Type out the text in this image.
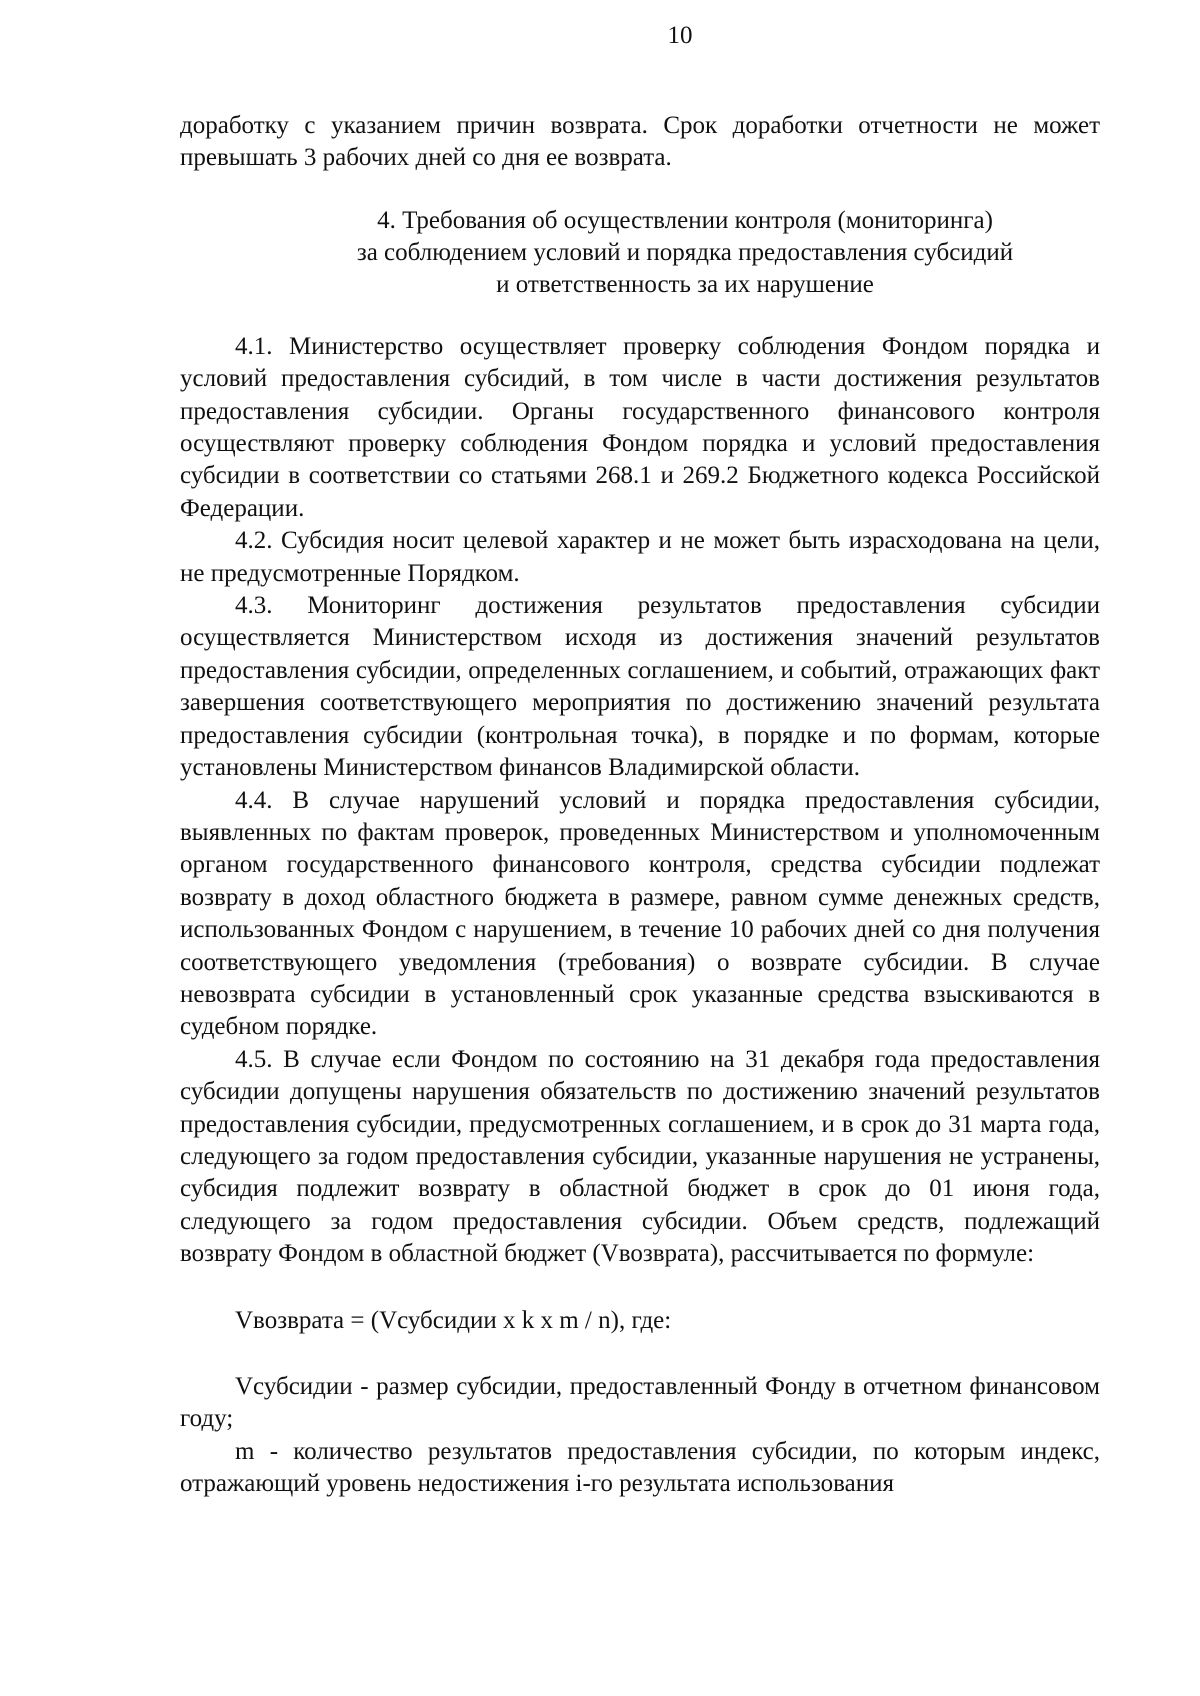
10

доработку с указанием причин возврата. Срок доработки отчетности не может превышать 3 рабочих дней со дня ее возврата.

4. Требования об осуществлении контроля (мониторинга)
за соблюдением условий и порядка предоставления субсидий
и ответственность за их нарушение

4.1. Министерство осуществляет проверку соблюдения Фондом порядка и условий предоставления субсидий, в том числе в части достижения результатов предоставления субсидии. Органы государственного финансового контроля осуществляют проверку соблюдения Фондом порядка и условий предоставления субсидии в соответствии со статьями 268.1 и 269.2 Бюджетного кодекса Российской Федерации.

4.2. Субсидия носит целевой характер и не может быть израсходована на цели, не предусмотренные Порядком.

4.3. Мониторинг достижения результатов предоставления субсидии осуществляется Министерством исходя из достижения значений результатов предоставления субсидии, определенных соглашением, и событий, отражающих факт завершения соответствующего мероприятия по достижению значений результата предоставления субсидии (контрольная точка), в порядке и по формам, которые установлены Министерством финансов Владимирской области.

4.4. В случае нарушений условий и порядка предоставления субсидии, выявленных по фактам проверок, проведенных Министерством и уполномоченным органом государственного финансового контроля, средства субсидии подлежат возврату в доход областного бюджета в размере, равном сумме денежных средств, использованных Фондом с нарушением, в течение 10 рабочих дней со дня получения соответствующего уведомления (требования) о возврате субсидии. В случае невозврата субсидии в установленный срок указанные средства взыскиваются в судебном порядке.

4.5. В случае если Фондом по состоянию на 31 декабря года предоставления субсидии допущены нарушения обязательств по достижению значений результатов предоставления субсидии, предусмотренных соглашением, и в срок до 31 марта года, следующего за годом предоставления субсидии, указанные нарушения не устранены, субсидия подлежит возврату в областной бюджет в срок до 01 июня года, следующего за годом предоставления субсидии. Объем средств, подлежащий возврату Фондом в областной бюджет (Vвозврата), рассчитывается по формуле:

Vвозврата = (Vсубсидии x k x m / n), где:

Vсубсидии - размер субсидии, предоставленный Фонду в отчетном финансовом году;

m - количество результатов предоставления субсидии, по которым индекс, отражающий уровень недостижения i-го результата использования
